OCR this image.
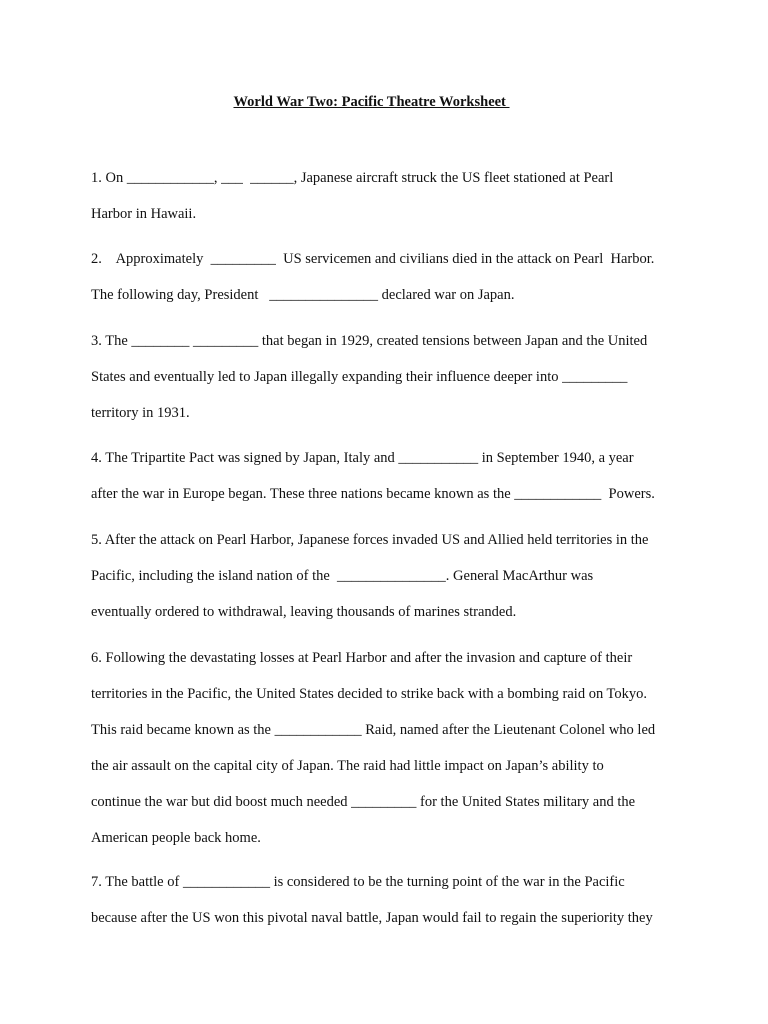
World War Two: Pacific Theatre Worksheet
1. On ____________, ___  ______, Japanese aircraft struck the US fleet stationed at Pearl
Harbor in Hawaii.
2.    Approximately  _________  US servicemen and civilians died in the attack on Pearl  Harbor.
The following day, President   _______________ declared war on Japan.
3. The ________ _________ that began in 1929, created tensions between Japan and the United
States and eventually led to Japan illegally expanding their influence deeper into _________
territory in 1931.
4. The Tripartite Pact was signed by Japan, Italy and ___________ in September 1940, a year
after the war in Europe began. These three nations became known as the ____________  Powers.
5. After the attack on Pearl Harbor, Japanese forces invaded US and Allied held territories in the
Pacific, including the island nation of the  _______________. General MacArthur was
eventually ordered to withdrawal, leaving thousands of marines stranded.
6. Following the devastating losses at Pearl Harbor and after the invasion and capture of their
territories in the Pacific, the United States decided to strike back with a bombing raid on Tokyo.
This raid became known as the ____________ Raid, named after the Lieutenant Colonel who led
the air assault on the capital city of Japan. The raid had little impact on Japan’s ability to
continue the war but did boost much needed _________ for the United States military and the
American people back home.
7. The battle of ____________ is considered to be the turning point of the war in the Pacific
because after the US won this pivotal naval battle, Japan would fail to regain the superiority they
